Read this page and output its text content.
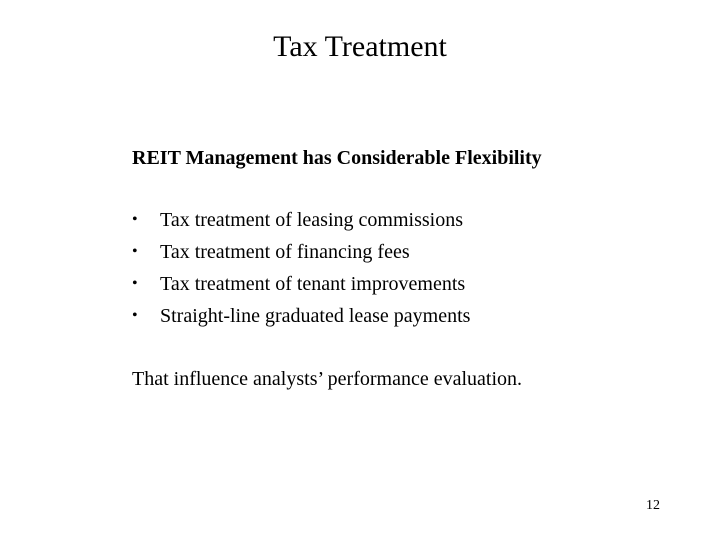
Tax Treatment

REIT Management has Considerable Flexibility

•	Tax treatment of leasing commissions
•	Tax treatment of financing fees
•	Tax treatment of tenant improvements
•	Straight-line graduated lease payments

That influence analysts’ performance evaluation.

12
